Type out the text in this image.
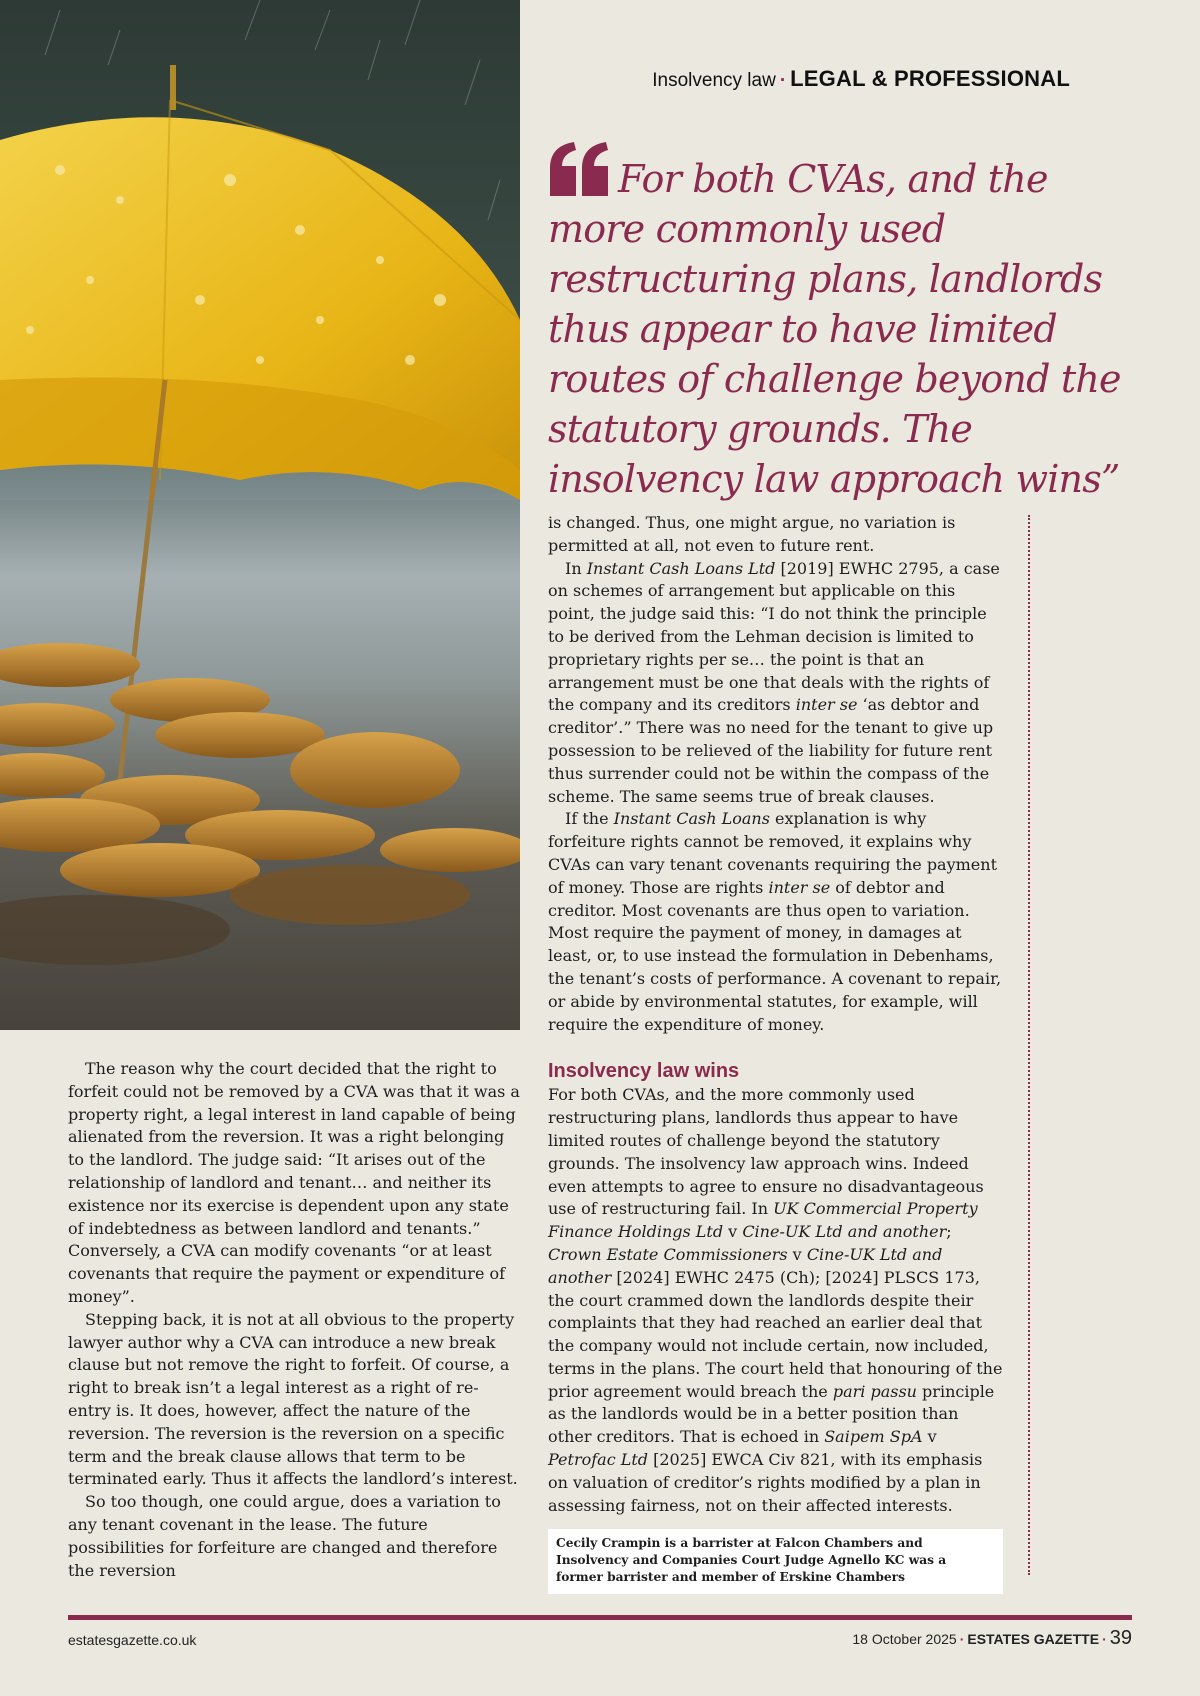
Insolvency law · LEGAL & PROFESSIONAL
For both CVAs, and the more commonly used restructuring plans, landlords thus appear to have limited routes of challenge beyond the statutory grounds. The insolvency law approach wins”

The reason why the court decided that the right to forfeit could not be removed by a CVA was that it was a property right, a legal interest in land capable of being alienated from the reversion. It was a right belonging to the landlord. The judge said: “It arises out of the relationship of landlord and tenant… and neither its existence nor its exercise is dependent upon any state of indebtedness as between landlord and tenants.” Conversely, a CVA can modify covenants “or at least covenants that require the payment or expenditure of money”.

Stepping back, it is not at all obvious to the property lawyer author why a CVA can introduce a new break clause but not remove the right to forfeit. Of course, a right to break isn’t a legal interest as a right of re-entry is. It does, however, affect the nature of the reversion. The reversion is the reversion on a specific term and the break clause allows that term to be terminated early. Thus it affects the landlord’s interest.

So too though, one could argue, does a variation to any tenant covenant in the lease. The future possibilities for forfeiture are changed and therefore the reversion

is changed. Thus, one might argue, no variation is permitted at all, not even to future rent.

In Instant Cash Loans Ltd [2019] EWHC 2795, a case on schemes of arrangement but applicable on this point, the judge said this: “I do not think the principle to be derived from the Lehman decision is limited to proprietary rights per se… the point is that an arrangement must be one that deals with the rights of the company and its creditors inter se ‘as debtor and creditor’.” There was no need for the tenant to give up possession to be relieved of the liability for future rent thus surrender could not be within the compass of the scheme. The same seems true of break clauses.

If the Instant Cash Loans explanation is why forfeiture rights cannot be removed, it explains why CVAs can vary tenant covenants requiring the payment of money. Those are rights inter se of debtor and creditor. Most covenants are thus open to variation. Most require the payment of money, in damages at least, or, to use instead the formulation in Debenhams, the tenant’s costs of performance. A covenant to repair, or abide by environmental statutes, for example, will require the expenditure of money.

Insolvency law wins

For both CVAs, and the more commonly used restructuring plans, landlords thus appear to have limited routes of challenge beyond the statutory grounds. The insolvency law approach wins. Indeed even attempts to agree to ensure no disadvantageous use of restructuring fail. In UK Commercial Property Finance Holdings Ltd v Cine-UK Ltd and another; Crown Estate Commissioners v Cine-UK Ltd and another [2024] EWHC 2475 (Ch); [2024] PLSCS 173, the court crammed down the landlords despite their complaints that they had reached an earlier deal that the company would not include certain, now included, terms in the plans. The court held that honouring of the prior agreement would breach the pari passu principle as the landlords would be in a better position than other creditors. That is echoed in Saipem SpA v Petrofac Ltd [2025] EWCA Civ 821, with its emphasis on valuation of creditor’s rights modified by a plan in assessing fairness, not on their affected interests.

Cecily Crampin is a barrister at Falcon Chambers and Insolvency and Companies Court Judge Agnello KC was a former barrister and member of Erskine Chambers
estatesgazette.co.uk	18 October 2025 · ESTATES GAZETTE · 39
